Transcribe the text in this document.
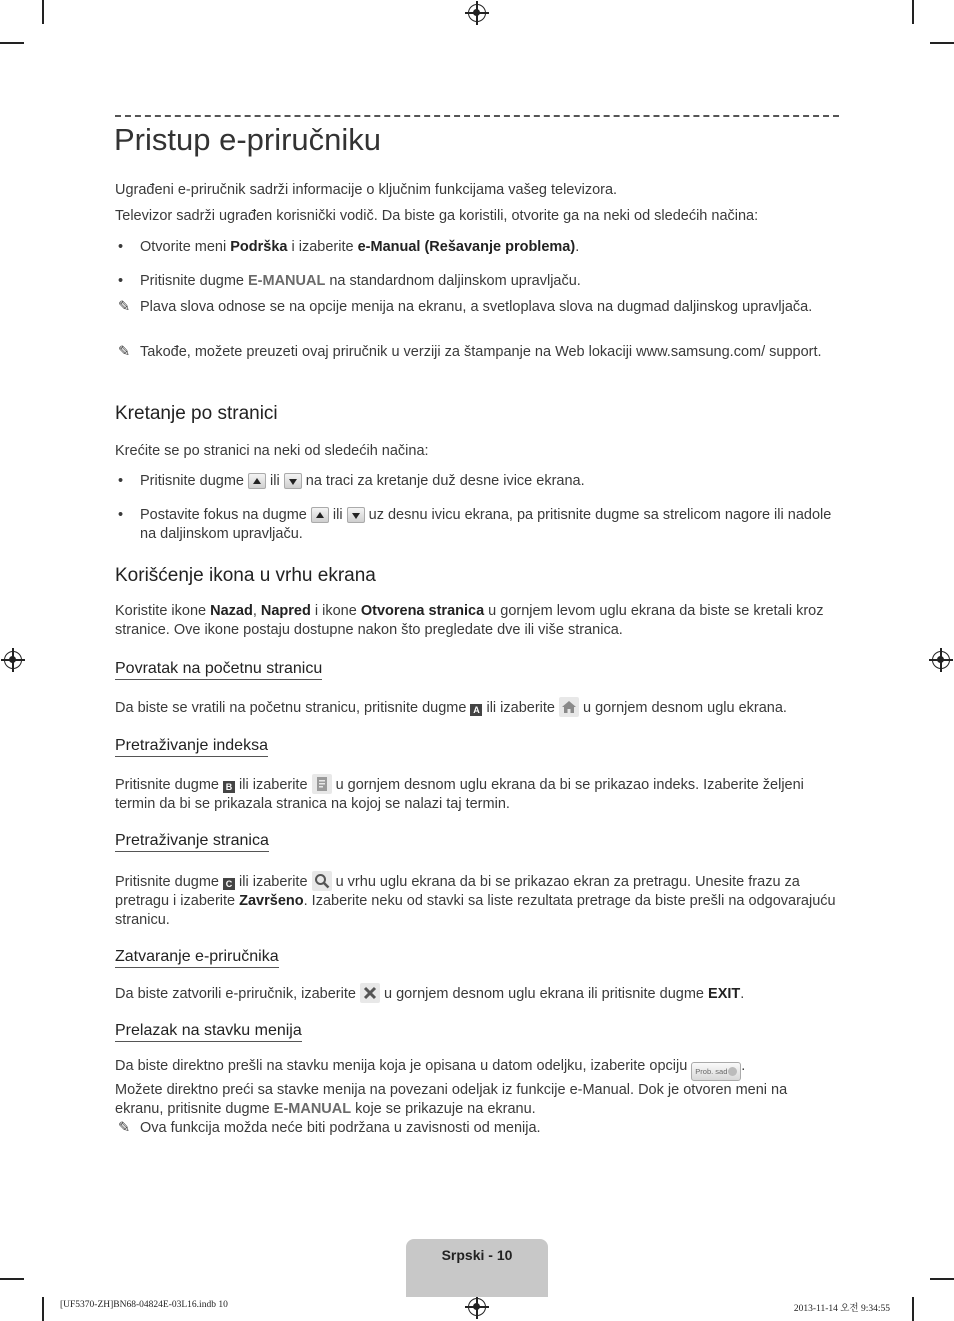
Pristup e-priručniku

Ugrađeni e-priručnik sadrži informacije o ključnim funkcijama vašeg televizora.

Televizor sadrži ugrađen korisnički vodič. Da biste ga koristili, otvorite ga na neki od sledećih načina:

•	Otvorite meni Podrška i izaberite e-Manual (Rešavanje problema).
•	Pritisnite dugme E-MANUAL na standardnom daljinskom upravljaču.
✎ Plava slova odnose se na opcije menija na ekranu, a svetloplava slova na dugmad daljinskog upravljača.
✎ Takođe, možete preuzeti ovaj priručnik u verziji za štampanje na Web lokaciji www.samsung.com/ support.
Kretanje po stranici

Krećite se po stranici na neki od sledećih načina:

•	Pritisnite dugme  ili  na traci za kretanje duž desne ivice ekrana.
•	Postavite fokus na dugme  ili  uz desnu ivicu ekrana, pa pritisnite dugme sa strelicom nagore ili nadole na daljinskom upravljaču.
Korišćenje ikona u vrhu ekrana

Koristite ikone Nazad, Napred i ikone Otvorena stranica u gornjem levom uglu ekrana da biste se kretali kroz stranice. Ove ikone postaju dostupne nakon što pregledate dve ili više stranica.

Povratak na početnu stranicu

Da biste se vratili na početnu stranicu, pritisnite dugme A ili izaberite  u gornjem desnom uglu ekrana.

Pretraživanje indeksa

Pritisnite dugme B ili izaberite  u gornjem desnom uglu ekrana da bi se prikazao indeks. Izaberite željeni termin da bi se prikazala stranica na kojoj se nalazi taj termin.

Pretraživanje stranica

Pritisnite dugme C ili izaberite  u vrhu uglu ekrana da bi se prikazao ekran za pretragu. Unesite frazu za pretragu i izaberite Završeno. Izaberite neku od stavki sa liste rezultata pretrage da biste prešli na odgovarajuću stranicu.

Zatvaranje e-priručnika

Da biste zatvorili e-priručnik, izaberite  u gornjem desnom uglu ekrana ili pritisnite dugme EXIT.

Prelazak na stavku menija

Da biste direktno prešli na stavku menija koja je opisana u datom odeljku, izaberite opciju Prob. sad .
Možete direktno preći sa stavke menija na povezani odeljak iz funkcije e-Manual. Dok je otvoren meni na ekranu, pritisnite dugme E-MANUAL koje se prikazuje na ekranu.

✎ Ova funkcija možda neće biti podržana u zavisnosti od menija.
Srpski - 10
[UF5370-ZH]BN68-04824E-03L16.indb 10	2013-11-14 오전 9:34:55
